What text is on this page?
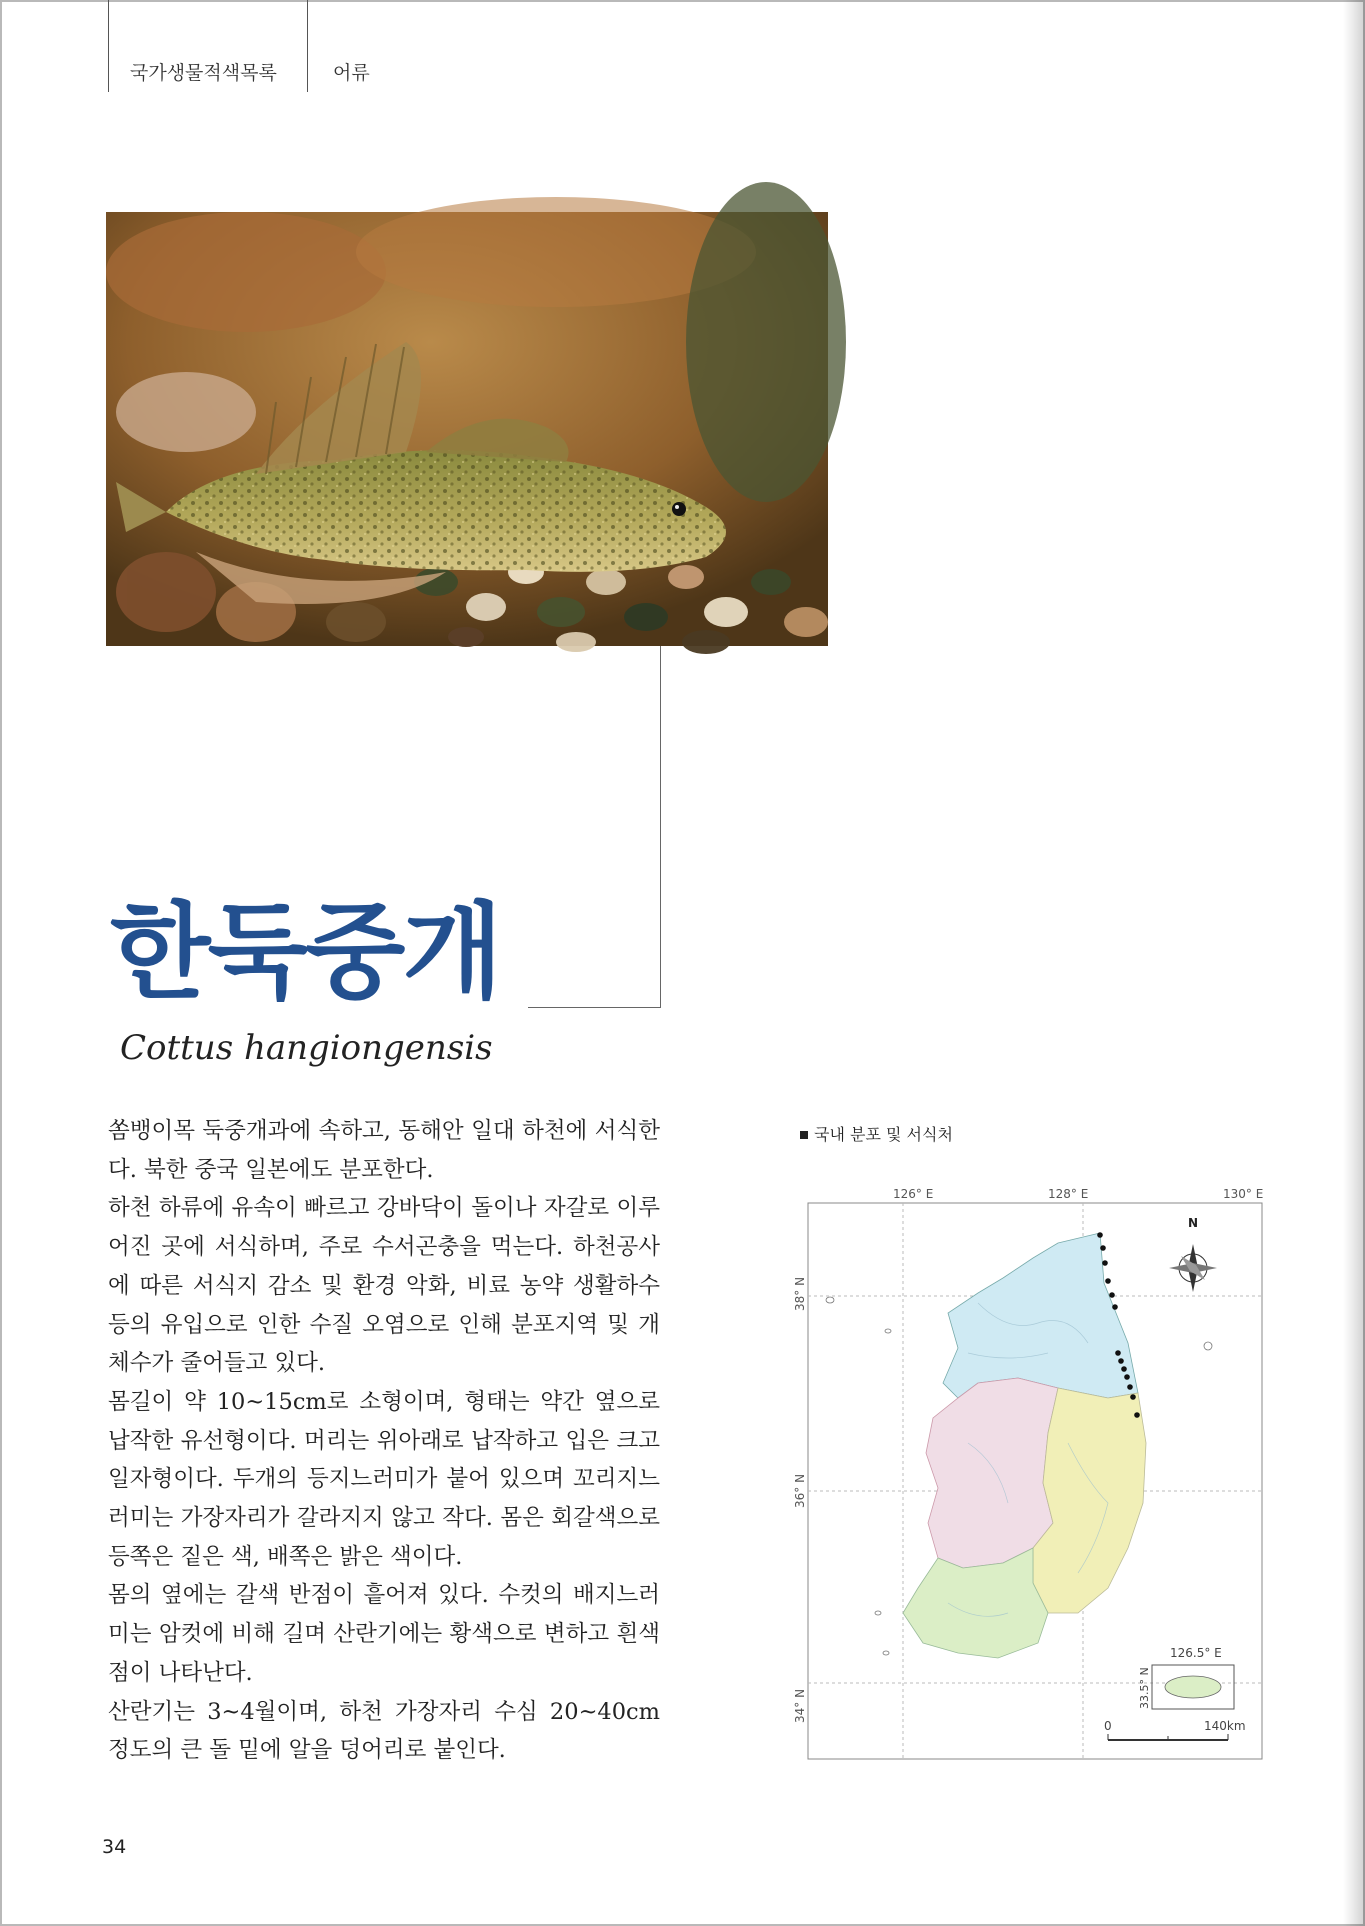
국가생물적색목록	어류
한둑중개
Cottus hangiongensis

쏨뱅이목 둑중개과에 속하고, 동해안 일대 하천에 서식한다. 북한 중국 일본에도 분포한다.

하천 하류에 유속이 빠르고 강바닥이 돌이나 자갈로 이루어진 곳에 서식하며, 주로 수서곤충을 먹는다. 하천공사에 따른 서식지 감소 및 환경 악화, 비료 농약 생활하수 등의 유입으로 인한 수질 오염으로 인해 분포지역 및 개체수가 줄어들고 있다.

몸길이 약 10~15cm로 소형이며, 형태는 약간 옆으로 납작한 유선형이다. 머리는 위아래로 납작하고 입은 크고 일자형이다. 두개의 등지느러미가 붙어 있으며 꼬리지느러미는 가장자리가 갈라지지 않고 작다. 몸은 회갈색으로 등쪽은 짙은 색, 배쪽은 밝은 색이다.

몸의 옆에는 갈색 반점이 흩어져 있다. 수컷의 배지느러미는 암컷에 비해 길며 산란기에는 황색으로 변하고 흰색 점이 나타난다.

산란기는 3~4월이며, 하천 가장자리 수심 20~40cm 정도의 큰 돌 밑에 알을 덩어리로 붙인다.

국내 분포 및 서식처
126° E	128° E	130° E
38° N
36° N
34° N
N
126.5° E
33.5° N
0	140km
34
